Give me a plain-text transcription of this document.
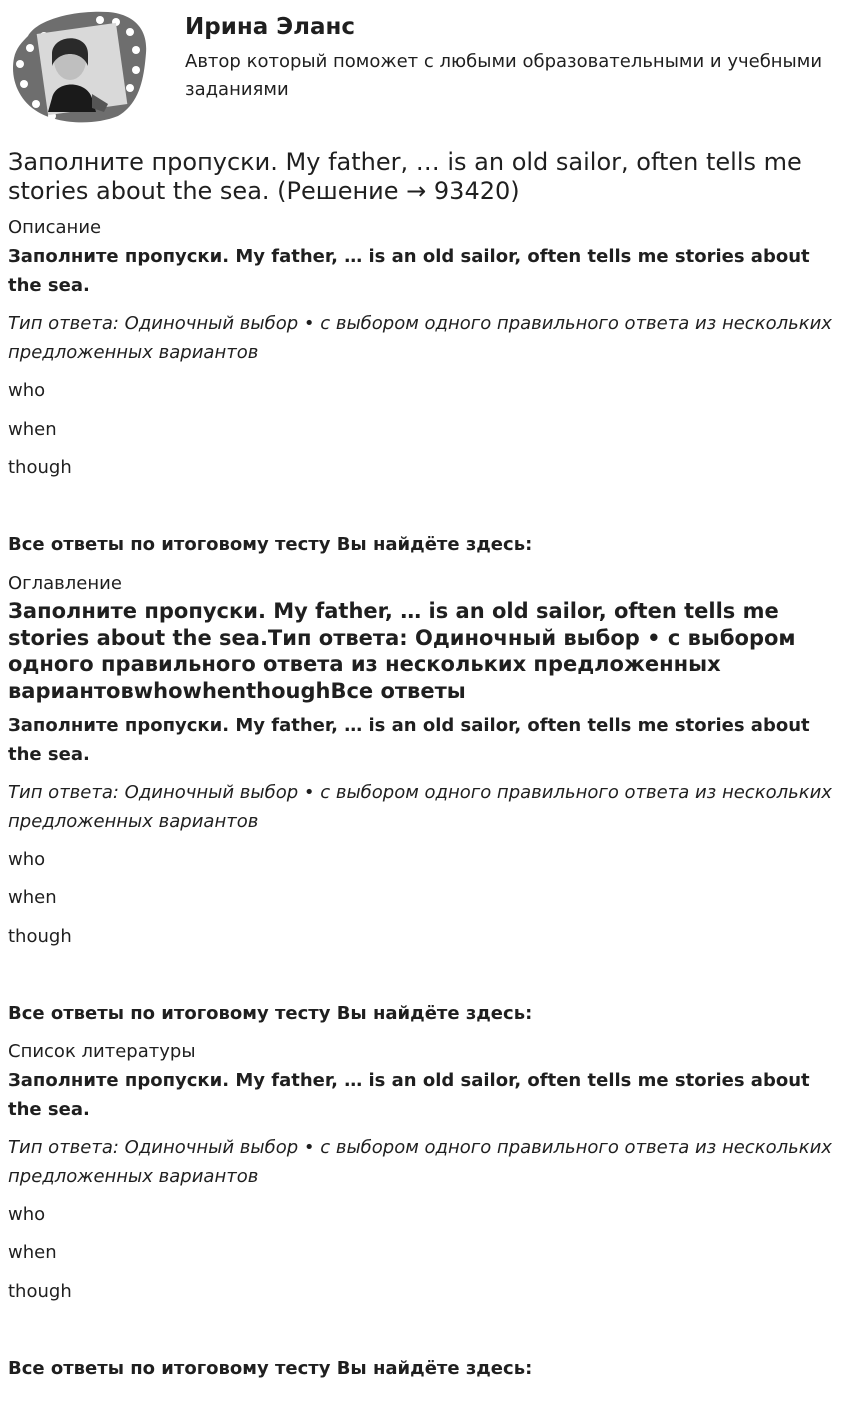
Ирина Эланс
Автор который поможет с любыми образовательными и учебными заданиями
Заполните пропуски. My father, … is an old sailor, often tells me stories about the sea. (Решение → 93420)
Описание
Заполните пропуски. My father, … is an old sailor, often tells me stories about the sea.
Тип ответа: Одиночный выбор • с выбором одного правильного ответа из нескольких предложенных вариантов
who
when
though
Все ответы по итоговому тесту Вы найдёте здесь:
Оглавление
Заполните пропуски. My father, … is an old sailor, often tells me stories about the sea.Тип ответа: Одиночный выбор • с выбором одного правильного ответа из нескольких предложенных вариантовwhowhenthoughВсе ответы
Заполните пропуски. My father, … is an old sailor, often tells me stories about the sea.
Тип ответа: Одиночный выбор • с выбором одного правильного ответа из нескольких предложенных вариантов
who
when
though
Все ответы по итоговому тесту Вы найдёте здесь:
Список литературы
Заполните пропуски. My father, … is an old sailor, often tells me stories about the sea.
Тип ответа: Одиночный выбор • с выбором одного правильного ответа из нескольких предложенных вариантов
who
when
though
Все ответы по итоговому тесту Вы найдёте здесь:
